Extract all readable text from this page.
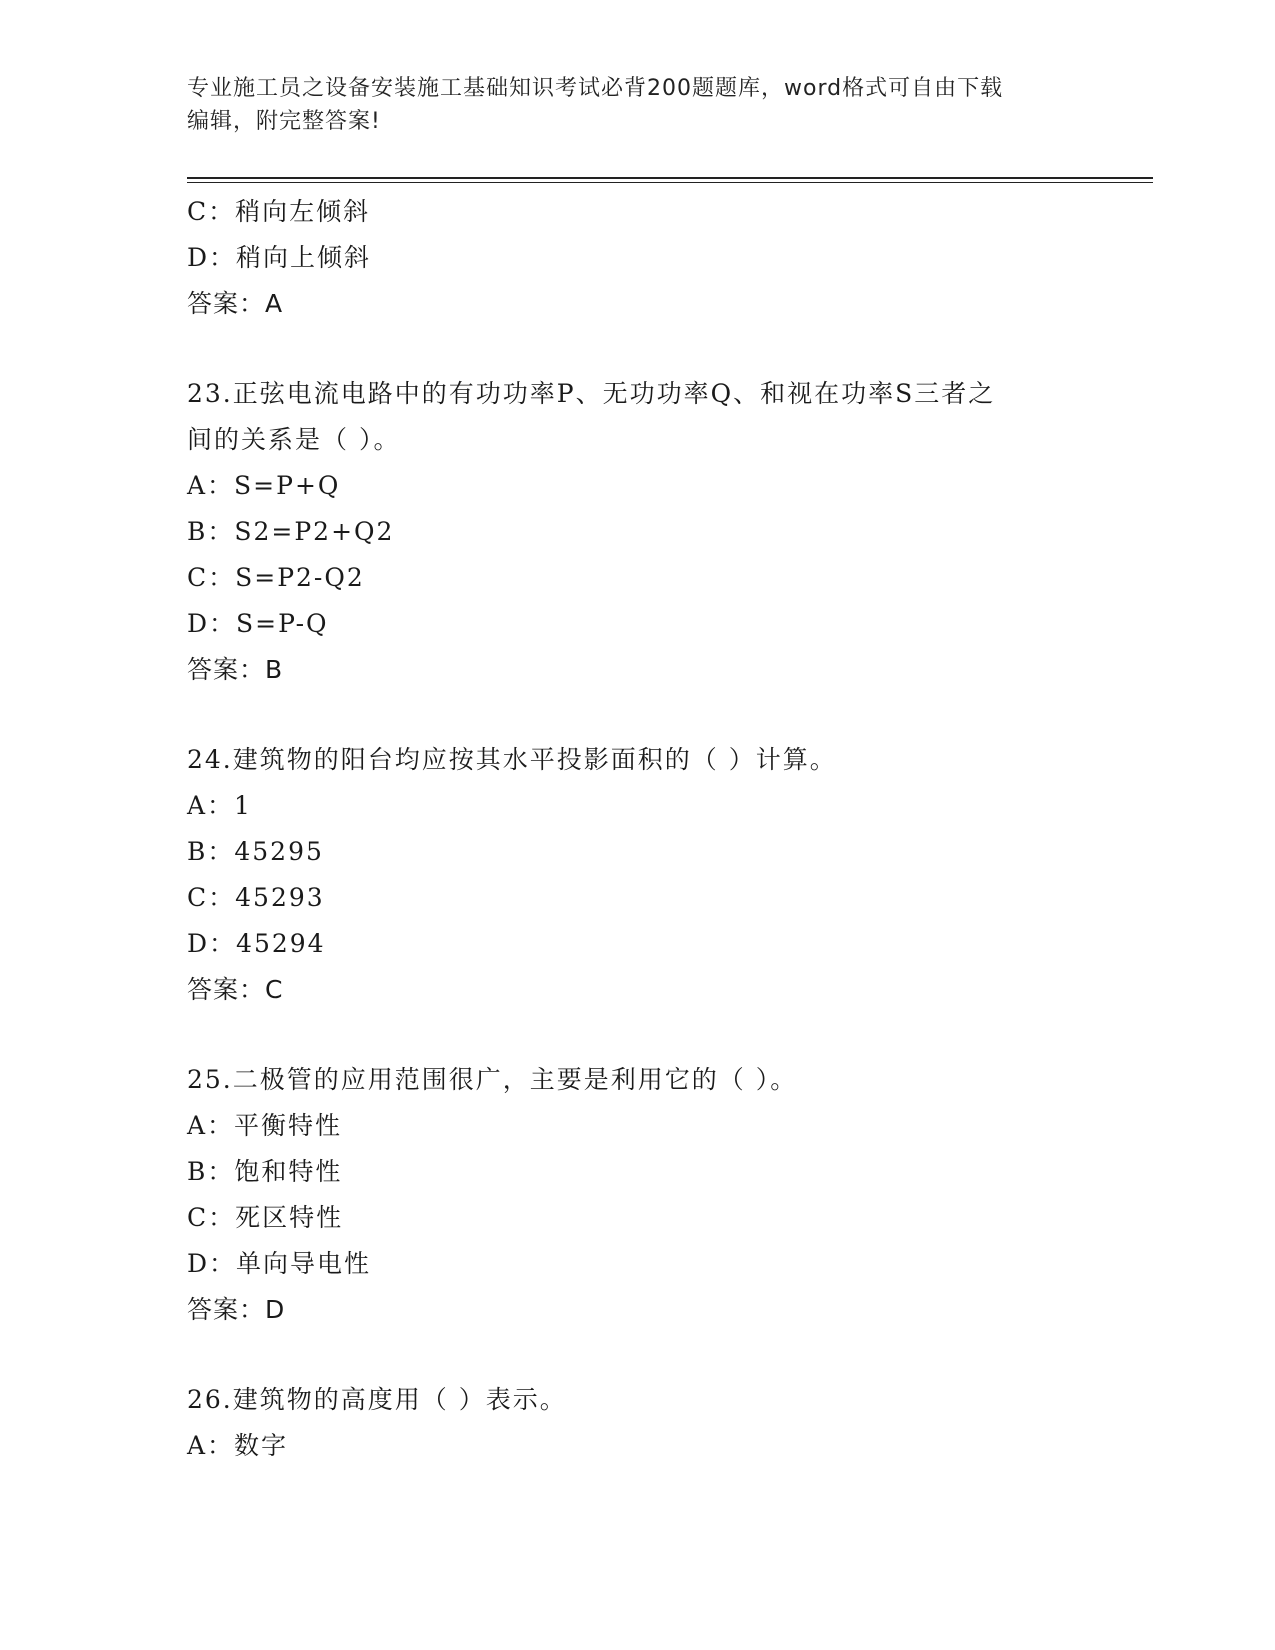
专业施工员之设备安装施工基础知识考试必背200题题库，word格式可自由下载
编辑，附完整答案!
C：稍向左倾斜
D：稍向上倾斜
答案：A
23.正弦电流电路中的有功功率P、无功功率Q、和视在功率S三者之
间的关系是（ ）。
A：S=P+Q
B：S2=P2+Q2
C：S=P2-Q2
D：S=P-Q
答案：B
24.建筑物的阳台均应按其水平投影面积的（ ）计算。
A：1
B：45295
C：45293
D：45294
答案：C
25.二极管的应用范围很广，主要是利用它的（ ）。
A：平衡特性
B：饱和特性
C：死区特性
D：单向导电性
答案：D
26.建筑物的高度用（ ）表示。
A：数字
